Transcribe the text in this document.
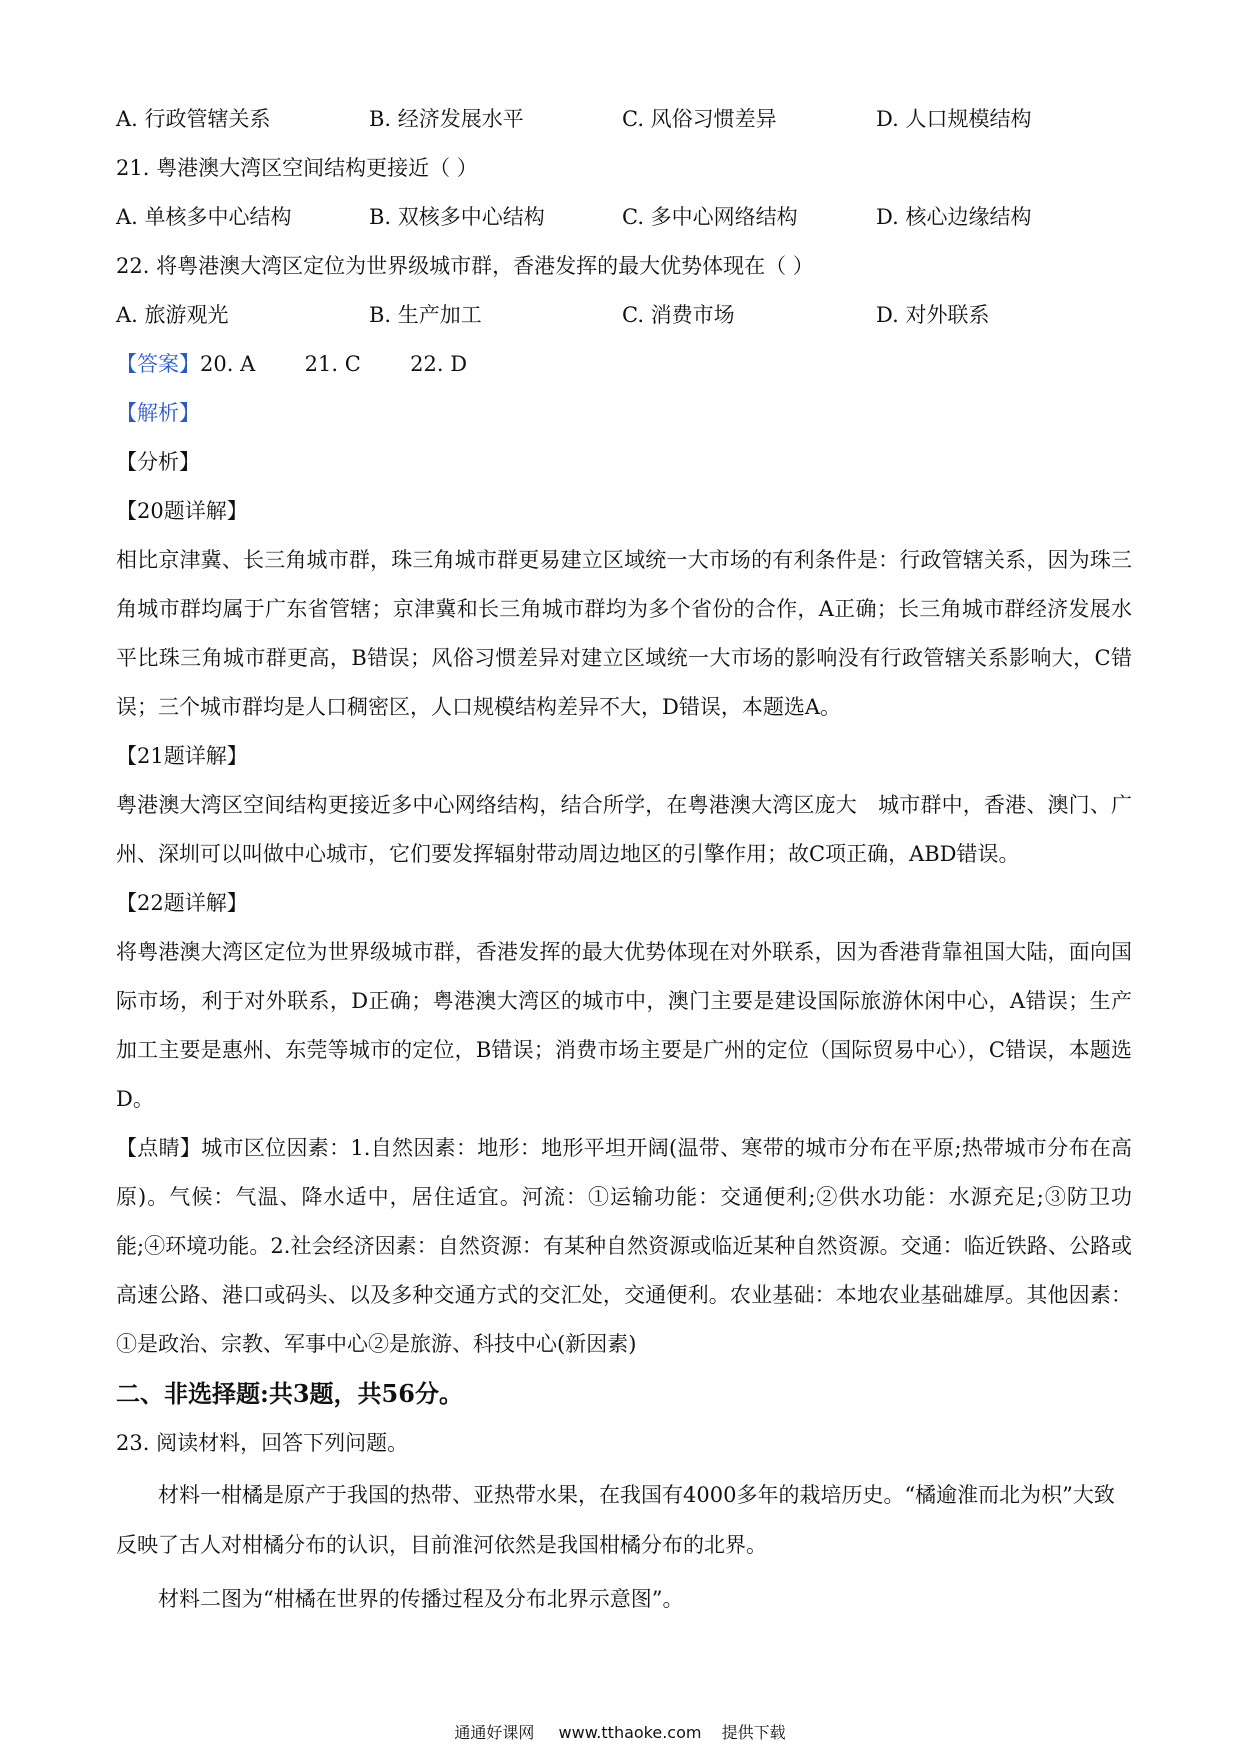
A. 行政管辖关系	B. 经济发展水平	C. 风俗习惯差异	D. 人口规模结构
21. 粤港澳大湾区空间结构更接近（ ）
A. 单核多中心结构	B. 双核多中心结构	C. 多中心网络结构	D. 核心边缘结构
22. 将粤港澳大湾区定位为世界级城市群，香港发挥的最大优势体现在（ ）
A. 旅游观光	B. 生产加工	C. 消费市场	D. 对外联系
【答案】20. A 21. C 22. D
【解析】
【分析】
【20题详解】
相比京津冀、长三角城市群，珠三角城市群更易建立区域统一大市场的有利条件是：行政管辖关系，因为珠三角城市群均属于广东省管辖；京津冀和长三角城市群均为多个省份的合作，A正确；长三角城市群经济发展水平比珠三角城市群更高，B错误；风俗习惯差异对建立区域统一大市场的影响没有行政管辖关系影响大，C错误；三个城市群均是人口稠密区，人口规模结构差异不大，D错误，本题选A。
【21题详解】
粤港澳大湾区空间结构更接近多中心网络结构，结合所学，在粤港澳大湾区庞大　城市群中，香港、澳门、广州、深圳可以叫做中心城市，它们要发挥辐射带动周边地区的引擎作用；故C项正确，ABD错误。
【22题详解】
将粤港澳大湾区定位为世界级城市群，香港发挥的最大优势体现在对外联系，因为香港背靠祖国大陆，面向国际市场，利于对外联系，D正确；粤港澳大湾区的城市中，澳门主要是建设国际旅游休闲中心，A错误；生产加工主要是惠州、东莞等城市的定位，B错误；消费市场主要是广州的定位（国际贸易中心），C错误，本题选D。
【点睛】城市区位因素：1.自然因素：地形：地形平坦开阔(温带、寒带的城市分布在平原;热带城市分布在高原)。气候：气温、降水适中，居住适宜。河流：①运输功能：交通便利;②供水功能：水源充足;③防卫功能;④环境功能。2.社会经济因素：自然资源：有某种自然资源或临近某种自然资源。交通：临近铁路、公路或高速公路、港口或码头、以及多种交通方式的交汇处，交通便利。农业基础：本地农业基础雄厚。其他因素：①是政治、宗教、军事中心②是旅游、科技中心(新因素)
二、非选择题:共3题，共56分。
23. 阅读材料，回答下列问题。
材料一柑橘是原产于我国的热带、亚热带水果，在我国有4000多年的栽培历史。“橘逾淮而北为枳”大致反映了古人对柑橘分布的认识，目前淮河依然是我国柑橘分布的北界。
材料二图为“柑橘在世界的传播过程及分布北界示意图”。
通通好课网 www.tthaoke.com 提供下载
